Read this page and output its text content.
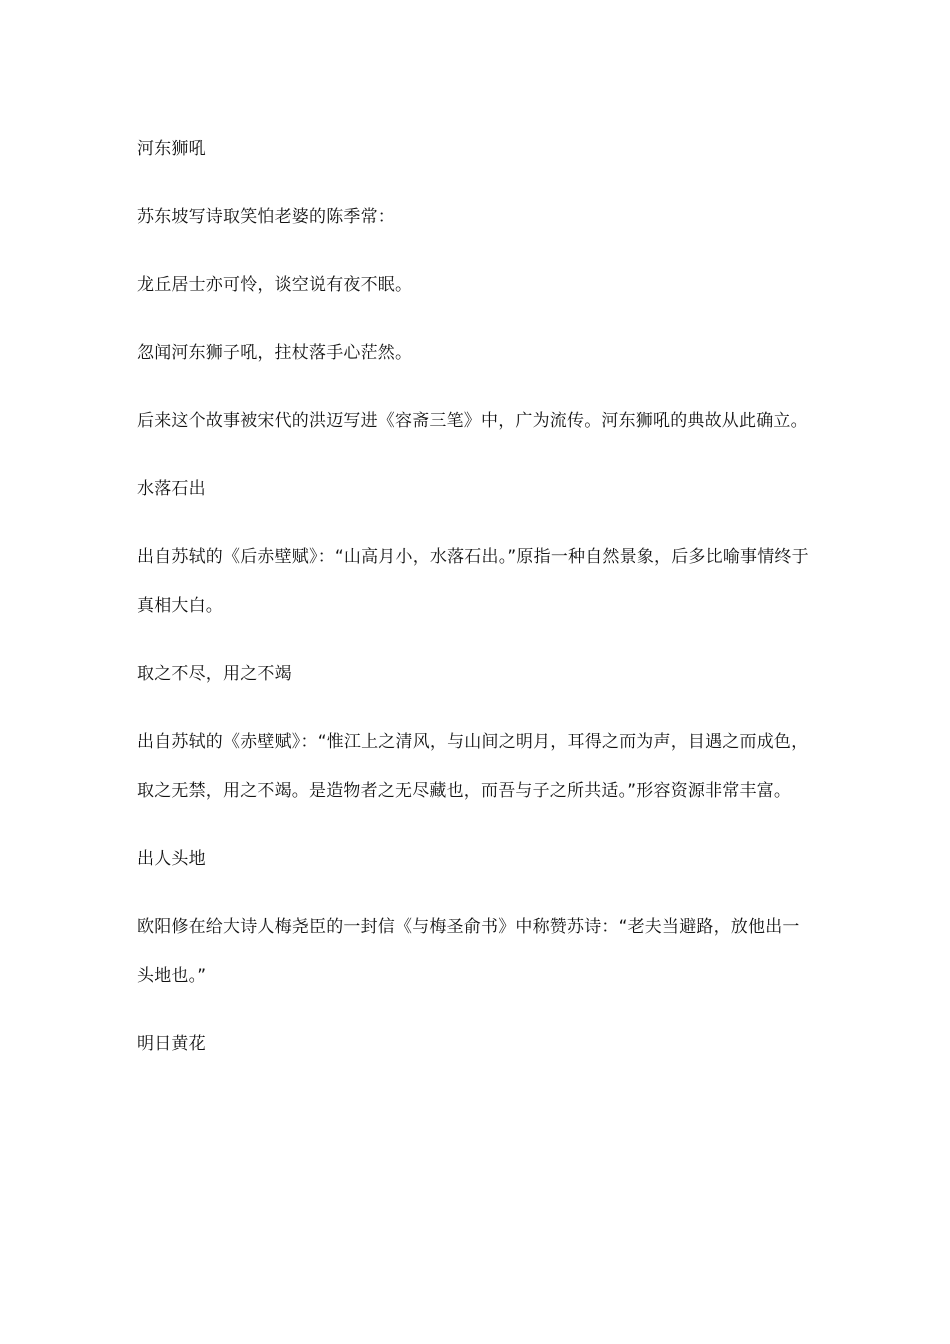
河东狮吼

苏东坡写诗取笑怕老婆的陈季常：

龙丘居士亦可怜，谈空说有夜不眠。

忽闻河东狮子吼，拄杖落手心茫然。

后来这个故事被宋代的洪迈写进《容斋三笔》中，广为流传。河东狮吼的典故从此确立。

水落石出

出自苏轼的《后赤壁赋》：“山高月小，水落石出。”原指一种自然景象，后多比喻事情终于真相大白。

取之不尽，用之不竭

出自苏轼的《赤壁赋》：“惟江上之清风，与山间之明月，耳得之而为声，目遇之而成色，取之无禁，用之不竭。是造物者之无尽藏也，而吾与子之所共适。”形容资源非常丰富。

出人头地

欧阳修在给大诗人梅尧臣的一封信《与梅圣俞书》中称赞苏诗：“老夫当避路，放他出一头地也。”

明日黄花
